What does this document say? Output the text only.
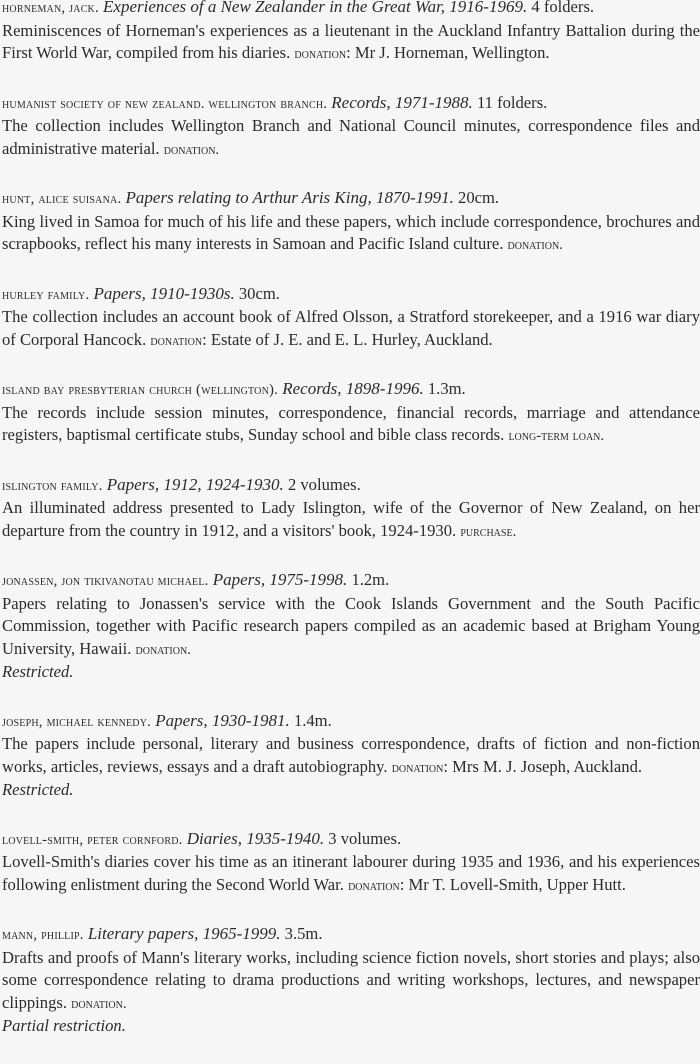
horneman, jack. Experiences of a New Zealander in the Great War, 1916-1969. 4 folders.

Reminiscences of Horneman's experiences as a lieutenant in the Auckland Infantry Battalion during the First World War, compiled from his diaries. donation: Mr J. Horneman, Wellington.

humanist society of new zealand. wellington branch. Records, 1971-1988. 11 folders.

The collection includes Wellington Branch and National Council minutes, correspondence files and administrative material. donation.

hunt, alice suisana. Papers relating to Arthur Aris King, 1870-1991. 20cm.

King lived in Samoa for much of his life and these papers, which include correspondence, brochures and scrapbooks, reflect his many interests in Samoan and Pacific Island culture. donation.

hurley family. Papers, 1910-1930s. 30cm.

The collection includes an account book of Alfred Olsson, a Stratford storekeeper, and a 1916 war diary of Corporal Hancock. donation: Estate of J. E. and E. L. Hurley, Auckland.

island bay presbyterian church (wellington). Records, 1898-1996. 1.3m.

The records include session minutes, correspondence, financial records, marriage and attendance registers, baptismal certificate stubs, Sunday school and bible class records. long-term loan.

islington family. Papers, 1912, 1924-1930. 2 volumes.

An illuminated address presented to Lady Islington, wife of the Governor of New Zealand, on her departure from the country in 1912, and a visitors' book, 1924-1930. purchase.

jonassen, jon tikivanotau michael. Papers, 1975-1998. 1.2m.

Papers relating to Jonassen's service with the Cook Islands Government and the South Pacific Commission, together with Pacific research papers compiled as an academic based at Brigham Young University, Hawaii. donation.

Restricted.

joseph, michael kennedy. Papers, 1930-1981. 1.4m.

The papers include personal, literary and business correspondence, drafts of fiction and non-fiction works, articles, reviews, essays and a draft autobiography. donation: Mrs M. J. Joseph, Auckland.

Restricted.

lovell-smith, peter cornford. Diaries, 1935-1940. 3 volumes.

Lovell-Smith's diaries cover his time as an itinerant labourer during 1935 and 1936, and his experiences following enlistment during the Second World War. donation: Mr T. Lovell-Smith, Upper Hutt.

mann, phillip. Literary papers, 1965-1999. 3.5m.

Drafts and proofs of Mann's literary works, including science fiction novels, short stories and plays; also some correspondence relating to drama productions and writing workshops, lectures, and newspaper clippings. donation.

Partial restriction.
